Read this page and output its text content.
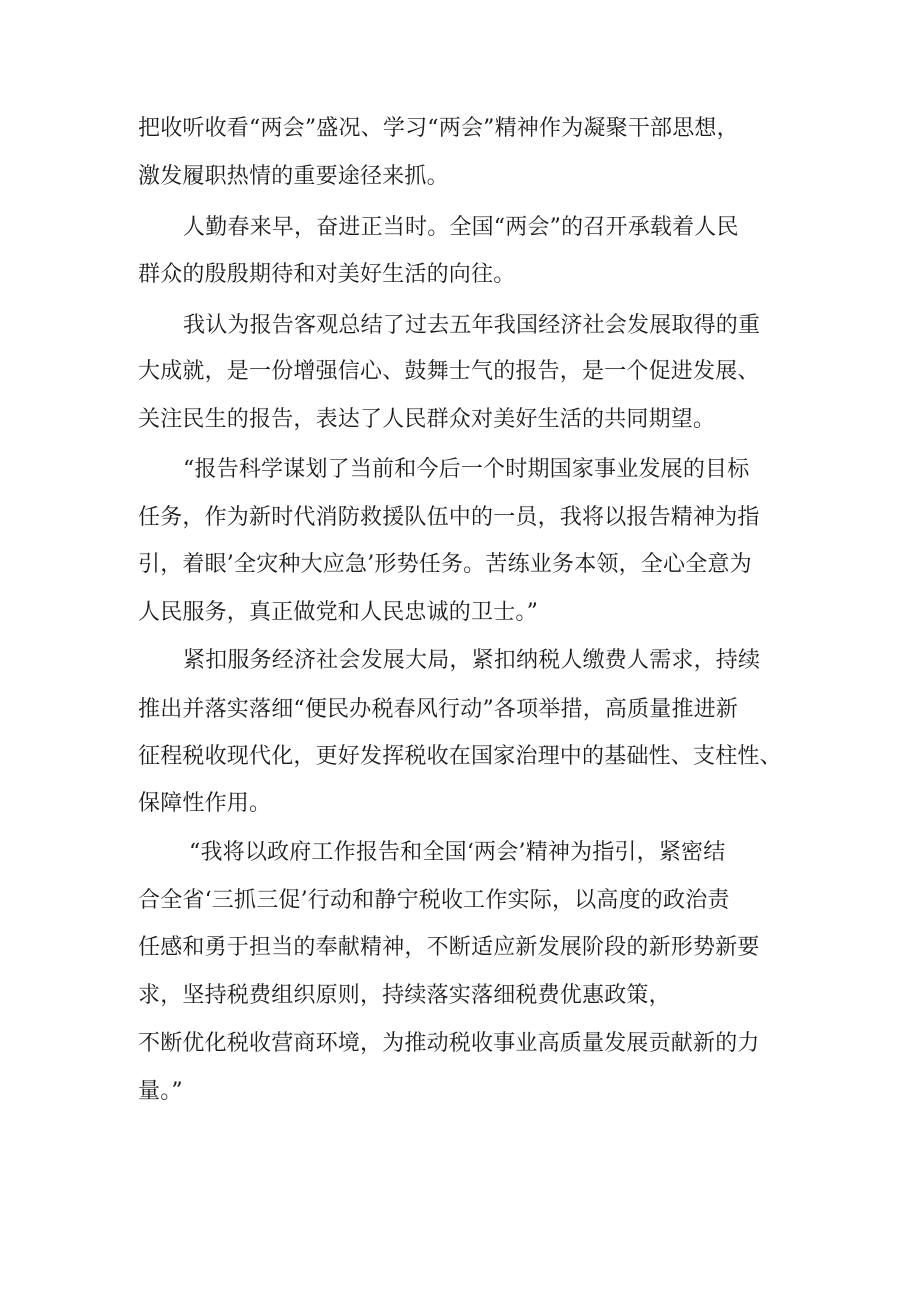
把收听收看“两会”盛况、学习“两会”精神作为凝聚干部思想，
激发履职热情的重要途径来抓。
人勤春来早，奋进正当时。全国“两会”的召开承载着人民
群众的殷殷期待和对美好生活的向往。
我认为报告客观总结了过去五年我国经济社会发展取得的重
大成就，是一份增强信心、鼓舞士气的报告，是一个促进发展、
关注民生的报告，表达了人民群众对美好生活的共同期望。
“报告科学谋划了当前和今后一个时期国家事业发展的目标
任务，作为新时代消防救援队伍中的一员，我将以报告精神为指
引，着眼’全灾种大应急’形势任务。苦练业务本领，全心全意为
人民服务，真正做党和人民忠诚的卫士。”
紧扣服务经济社会发展大局，紧扣纳税人缴费人需求，持续
推出并落实落细“便民办税春风行动”各项举措，高质量推进新
征程税收现代化，更好发挥税收在国家治理中的基础性、支柱性、
保障性作用。
“我将以政府工作报告和全国‘两会’精神为指引，紧密结
合全省‘三抓三促’行动和静宁税收工作实际，以高度的政治责
任感和勇于担当的奉献精神，不断适应新发展阶段的新形势新要
求，坚持税费组织原则，持续落实落细税费优惠政策，
不断优化税收营商环境，为推动税收事业高质量发展贡献新的力
量。”
